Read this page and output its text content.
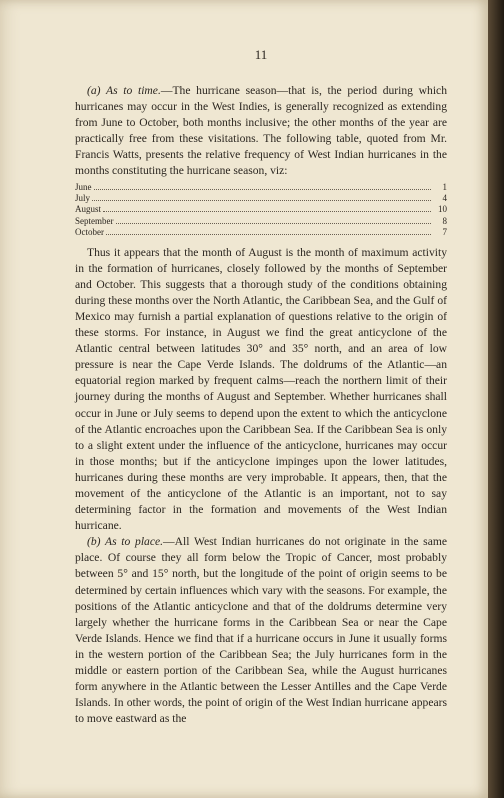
11

(a) As to time.—The hurricane season—that is, the period during which hurricanes may occur in the West Indies, is generally recognized as extending from June to October, both months inclusive; the other months of the year are practically free from these visitations. The following table, quoted from Mr. Francis Watts, presents the relative frequency of West Indian hurricanes in the months constituting the hurricane season, viz:

June	1
July	4
August	10
September	8
October	7

Thus it appears that the month of August is the month of maximum activity in the formation of hurricanes, closely followed by the months of September and October. This suggests that a thorough study of the conditions obtaining during these months over the North Atlantic, the Caribbean Sea, and the Gulf of Mexico may furnish a partial explanation of questions relative to the origin of these storms. For instance, in August we find the great anticyclone of the Atlantic central between latitudes 30° and 35° north, and an area of low pressure is near the Cape Verde Islands. The doldrums of the Atlantic—an equatorial region marked by frequent calms—reach the northern limit of their journey during the months of August and September. Whether hurricanes shall occur in June or July seems to depend upon the extent to which the anticyclone of the Atlantic encroaches upon the Caribbean Sea. If the Caribbean Sea is only to a slight extent under the influence of the anticyclone, hurricanes may occur in those months; but if the anticyclone impinges upon the lower latitudes, hurricanes during these months are very improbable. It appears, then, that the movement of the anticyclone of the Atlantic is an important, not to say determining factor in the formation and movements of the West Indian hurricane.

(b) As to place.—All West Indian hurricanes do not originate in the same place. Of course they all form below the Tropic of Cancer, most probably between 5° and 15° north, but the longitude of the point of origin seems to be determined by certain influences which vary with the seasons. For example, the positions of the Atlantic anticyclone and that of the doldrums determine very largely whether the hurricane forms in the Caribbean Sea or near the Cape Verde Islands. Hence we find that if a hurricane occurs in June it usually forms in the western portion of the Caribbean Sea; the July hurricanes form in the middle or eastern portion of the Caribbean Sea, while the August hurricanes form anywhere in the Atlantic between the Lesser Antilles and the Cape Verde Islands. In other words, the point of origin of the West Indian hurricane appears to move eastward as the
